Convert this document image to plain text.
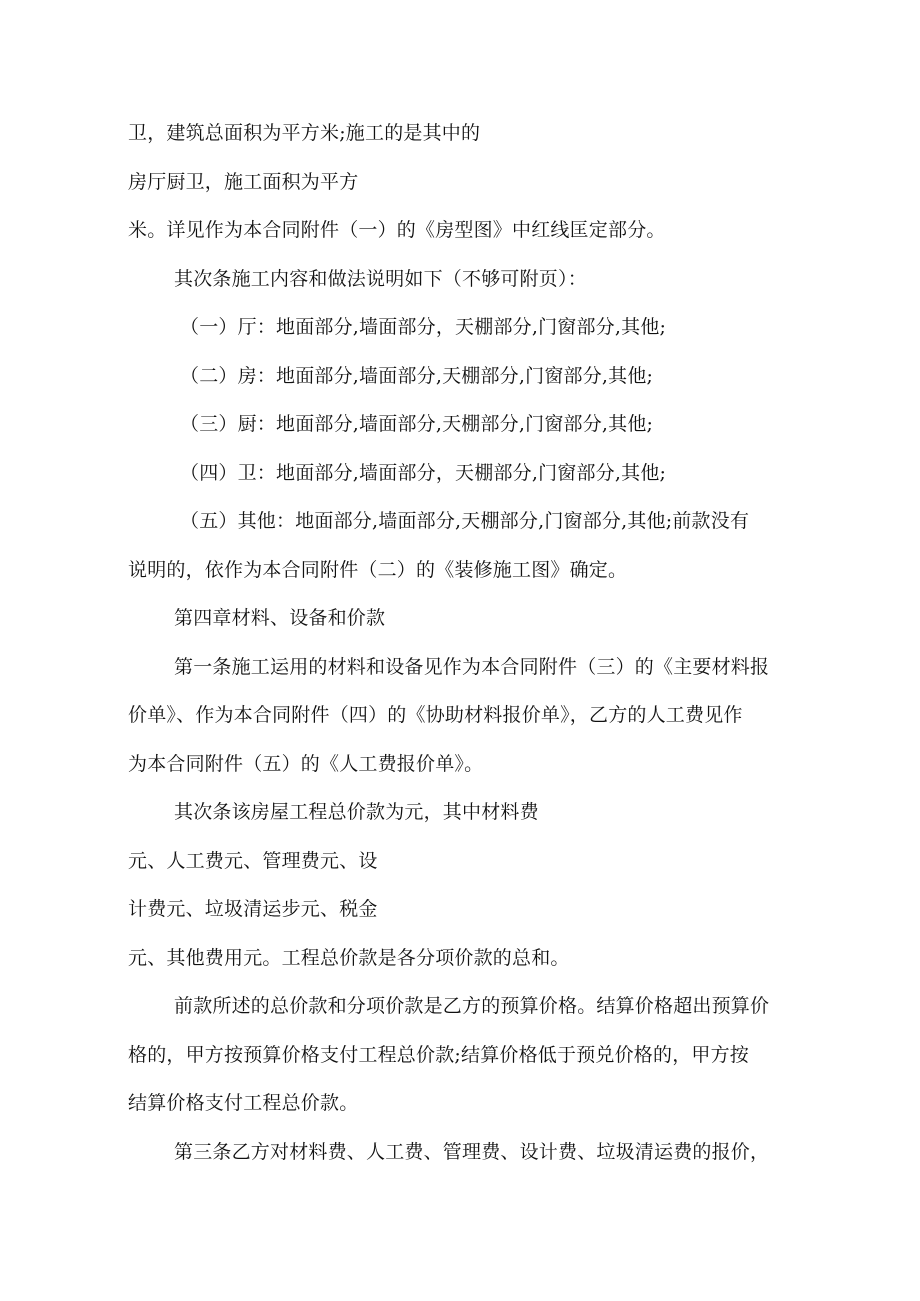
卫，建筑总面积为平方米;施工的是其中的

房厅厨卫，施工面积为平方

米。详见作为本合同附件（一）的《房型图》中红线匡定部分。

其次条施工内容和做法说明如下（不够可附页）：

（一）厅：地面部分,墙面部分，天棚部分,门窗部分,其他;

（二）房：地面部分,墙面部分,天棚部分,门窗部分,其他;

（三）厨：地面部分,墙面部分,天棚部分,门窗部分,其他;

（四）卫：地面部分,墙面部分，天棚部分,门窗部分,其他;

（五）其他：地面部分,墙面部分,天棚部分,门窗部分,其他;前款没有

说明的，依作为本合同附件（二）的《装修施工图》确定。

第四章材料、设备和价款

第一条施工运用的材料和设备见作为本合同附件（三）的《主要材料报

价单》、作为本合同附件（四）的《协助材料报价单》，乙方的人工费见作

为本合同附件（五）的《人工费报价单》。

其次条该房屋工程总价款为元，其中材料费

元、人工费元、管理费元、设

计费元、垃圾清运步元、税金

元、其他费用元。工程总价款是各分项价款的总和。

前款所述的总价款和分项价款是乙方的预算价格。结算价格超出预算价

格的，甲方按预算价格支付工程总价款;结算价格低于预兑价格的，甲方按

结算价格支付工程总价款。

第三条乙方对材料费、人工费、管理费、设计费、垃圾清运费的报价，
